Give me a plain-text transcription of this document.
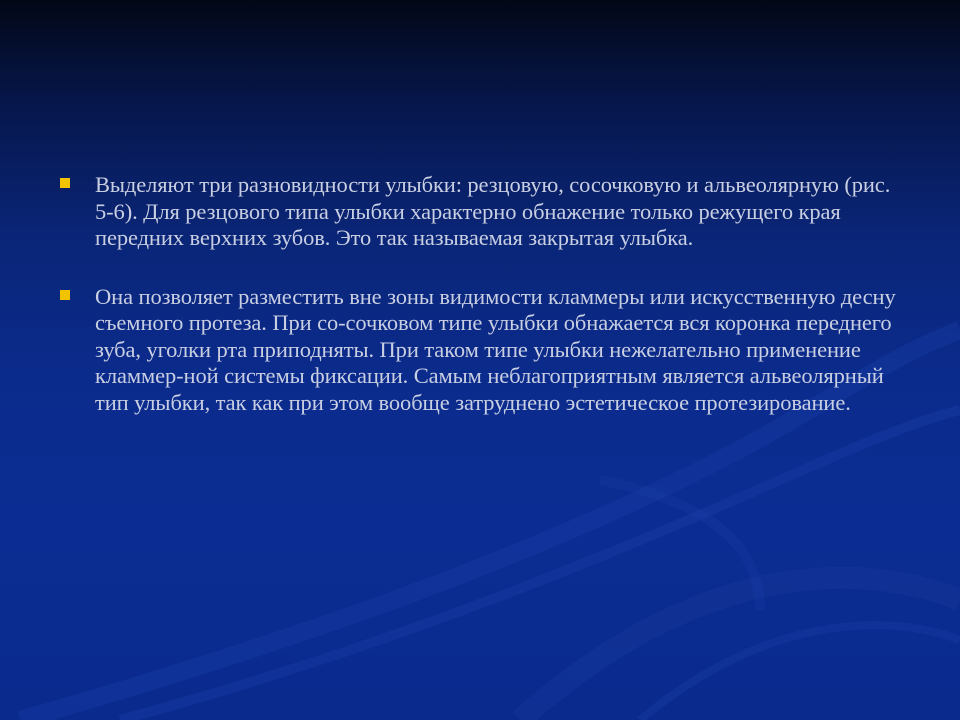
Выделяют три разновидности улыбки: резцовую, сосочковую и альвеолярную (рис. 5-6). Для резцового типа улыбки характерно обнажение только режущего края передних верхних зубов. Это так называемая закрытая улыбка.
Она позволяет разместить вне зоны видимости кламмеры или искусственную десну съемного протеза. При со-сочковом типе улыбки обнажается вся коронка переднего зуба, уголки рта приподняты. При таком типе улыбки нежелательно применение кламмер-ной системы фиксации. Самым неблагоприятным является альвеолярный тип улыбки, так как при этом вообще затруднено эстетическое протезирование.
